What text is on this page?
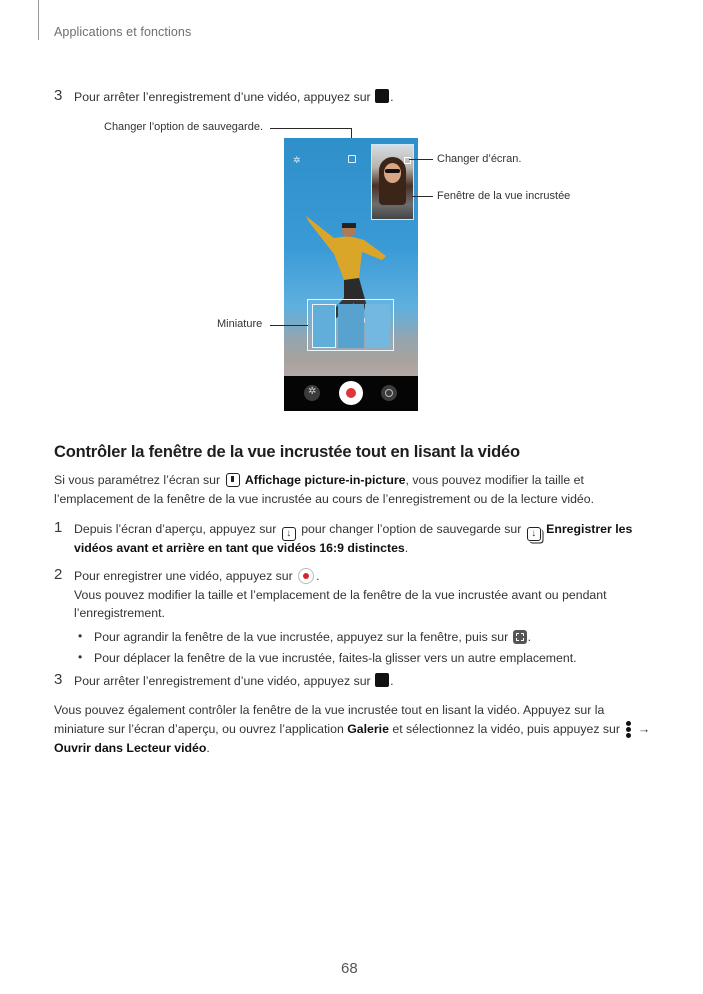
Applications et fonctions
3 Pour arrêter l’enregistrement d’une vidéo, appuyez sur .
Changer l’option de sauvegarde.
✲
✲
Changer d’écran.
Fenêtre de la vue incrustée
Miniature
Contrôler la fenêtre de la vue incrustée tout en lisant la vidéo
Si vous paramétrez l’écran sur Affichage picture-in-picture, vous pouvez modifier la taille et
l’emplacement de la fenêtre de la vue incrustée au cours de l’enregistrement ou de la lecture vidéo.
1 Depuis l’écran d’aperçu, appuyez sur ↓ pour changer l’option de sauvegarde sur ↓ Enregistrer les
vidéos avant et arrière en tant que vidéos 16:9 distinctes.
2 Pour enregistrer une vidéo, appuyez sur .
Vous pouvez modifier la taille et l’emplacement de la fenêtre de la vue incrustée avant ou pendant
l’enregistrement.
• Pour agrandir la fenêtre de la vue incrustée, appuyez sur la fenêtre, puis sur .
• Pour déplacer la fenêtre de la vue incrustée, faites-la glisser vers un autre emplacement.
3 Pour arrêter l’enregistrement d’une vidéo, appuyez sur .
Vous pouvez également contrôler la fenêtre de la vue incrustée tout en lisant la vidéo. Appuyez sur la
miniature sur l’écran d’aperçu, ou ouvrez l’application Galerie et sélectionnez la vidéo, puis appuyez sur →
Ouvrir dans Lecteur vidéo.
68
